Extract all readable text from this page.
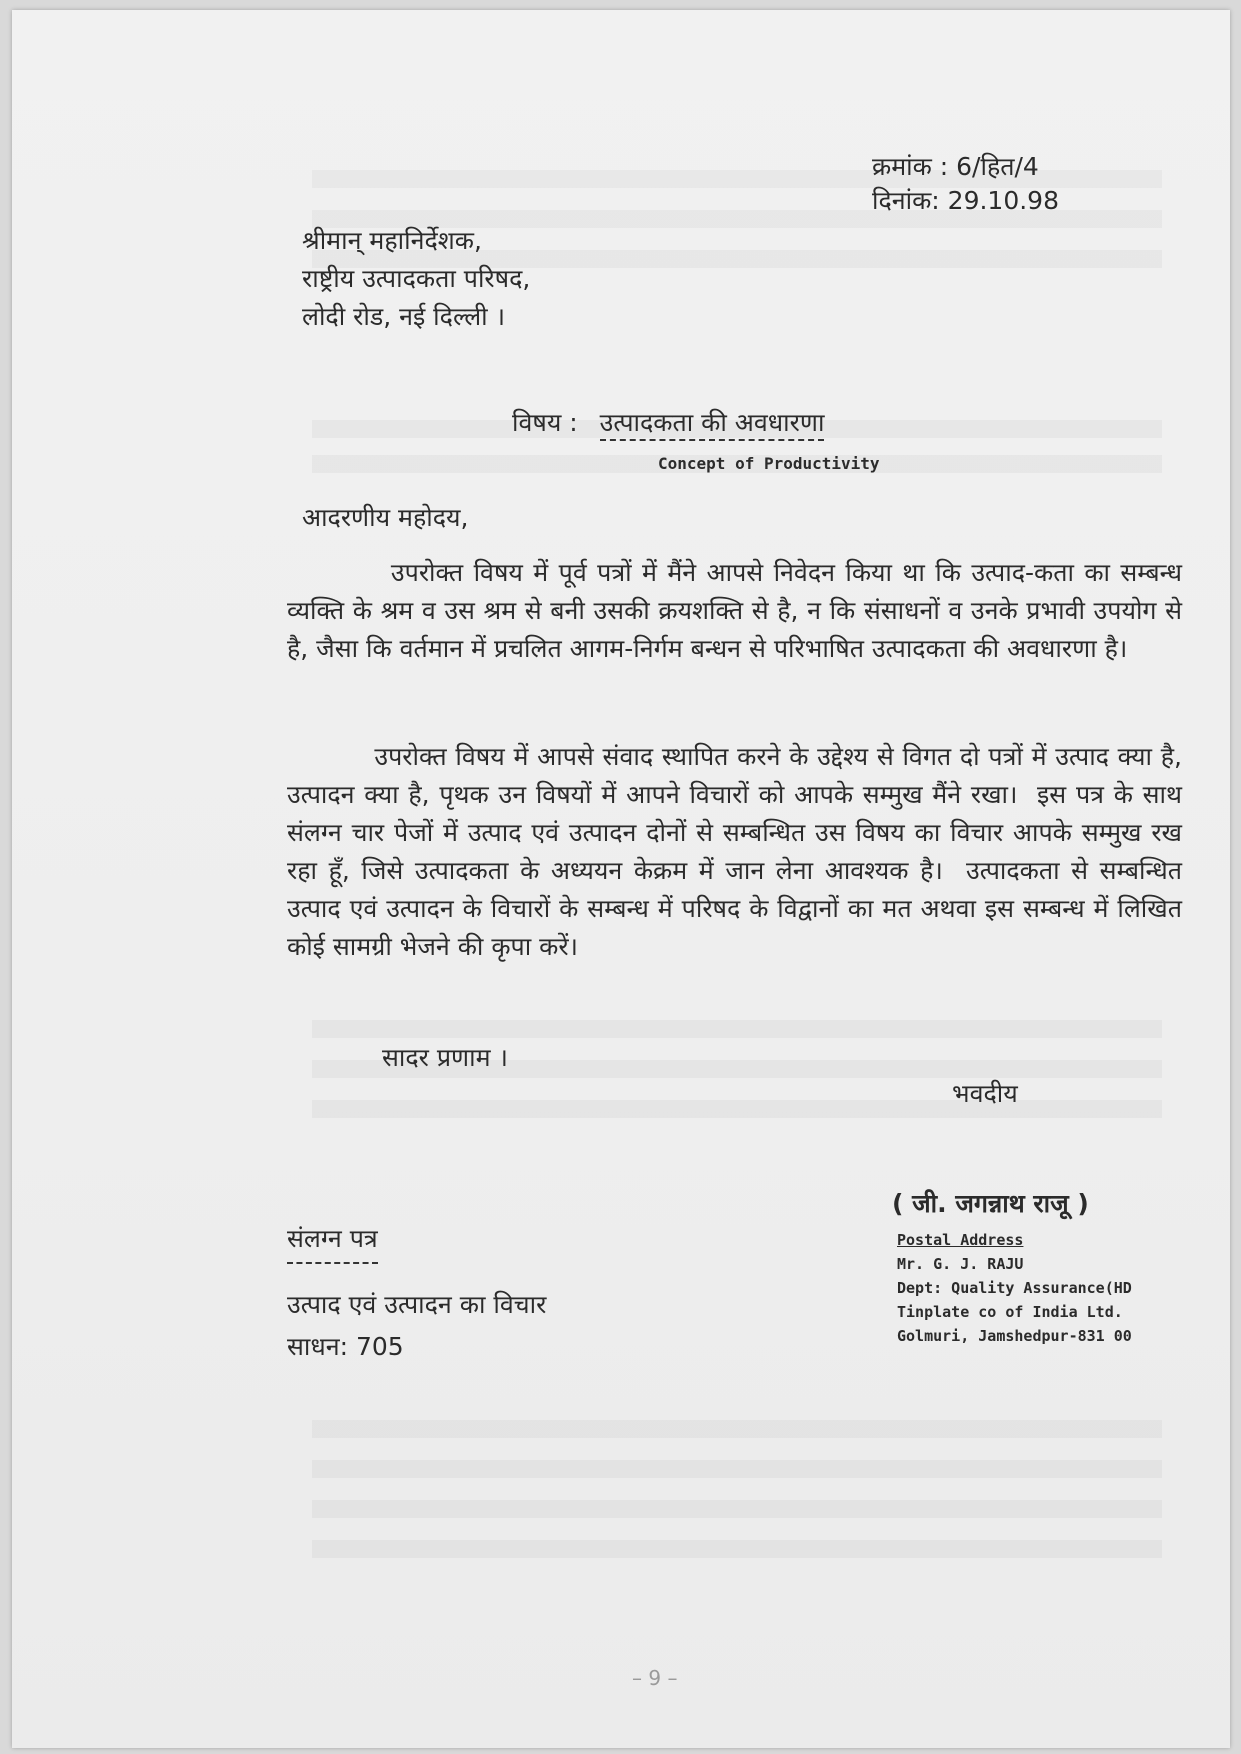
क्रमांक : 6/हित/4
दिनांक: 29.10.98
श्रीमान् महानिर्देशक,
राष्ट्रीय उत्पादकता परिषद,
लोदी रोड, नई दिल्ली ।
विषय : उत्पादकता की अवधारणा
Concept of Productivity
आदरणीय महोदय,
उपरोक्त विषय में पूर्व पत्रों में मैंने आपसे निवेदन किया था कि उत्पाद-कता का सम्बन्ध व्यक्ति के श्रम व उस श्रम से बनी उसकी क्रयशक्ति से है, न कि संसाधनों व उनके प्रभावी उपयोग से है, जैसा कि वर्तमान में प्रचलित आगम-निर्गम बन्धन से परिभाषित उत्पादकता की अवधारणा है।
उपरोक्त विषय में आपसे संवाद स्थापित करने के उद्देश्य से विगत दो पत्रों में उत्पाद क्या है, उत्पादन क्या है, पृथक उन विषयों में आपने विचारों को आपके सम्मुख मैंने रखा।  इस पत्र के साथ संलग्न चार पेजों में उत्पाद एवं उत्पादन दोनों से सम्बन्धित उस विषय का विचार आपके सम्मुख रख रहा हूँ, जिसे उत्पादकता के अध्ययन केक्रम में जान लेना आवश्यक है।  उत्पादकता से सम्बन्धित उत्पाद एवं उत्पादन के विचारों के सम्बन्ध में परिषद के विद्वानों का मत अथवा इस सम्बन्ध में लिखित कोई सामग्री भेजने की कृपा करें।
सादर प्रणाम ।
भवदीय
( जी. जगन्नाथ राजू )
संलग्न पत्र
उत्पाद एवं उत्पादन का विचार
साधन: 705
Postal Address
Mr. G. J. RAJU
Dept: Quality Assurance(HD
Tinplate co of India Ltd.
Golmuri, Jamshedpur-831 00
– 9 –
